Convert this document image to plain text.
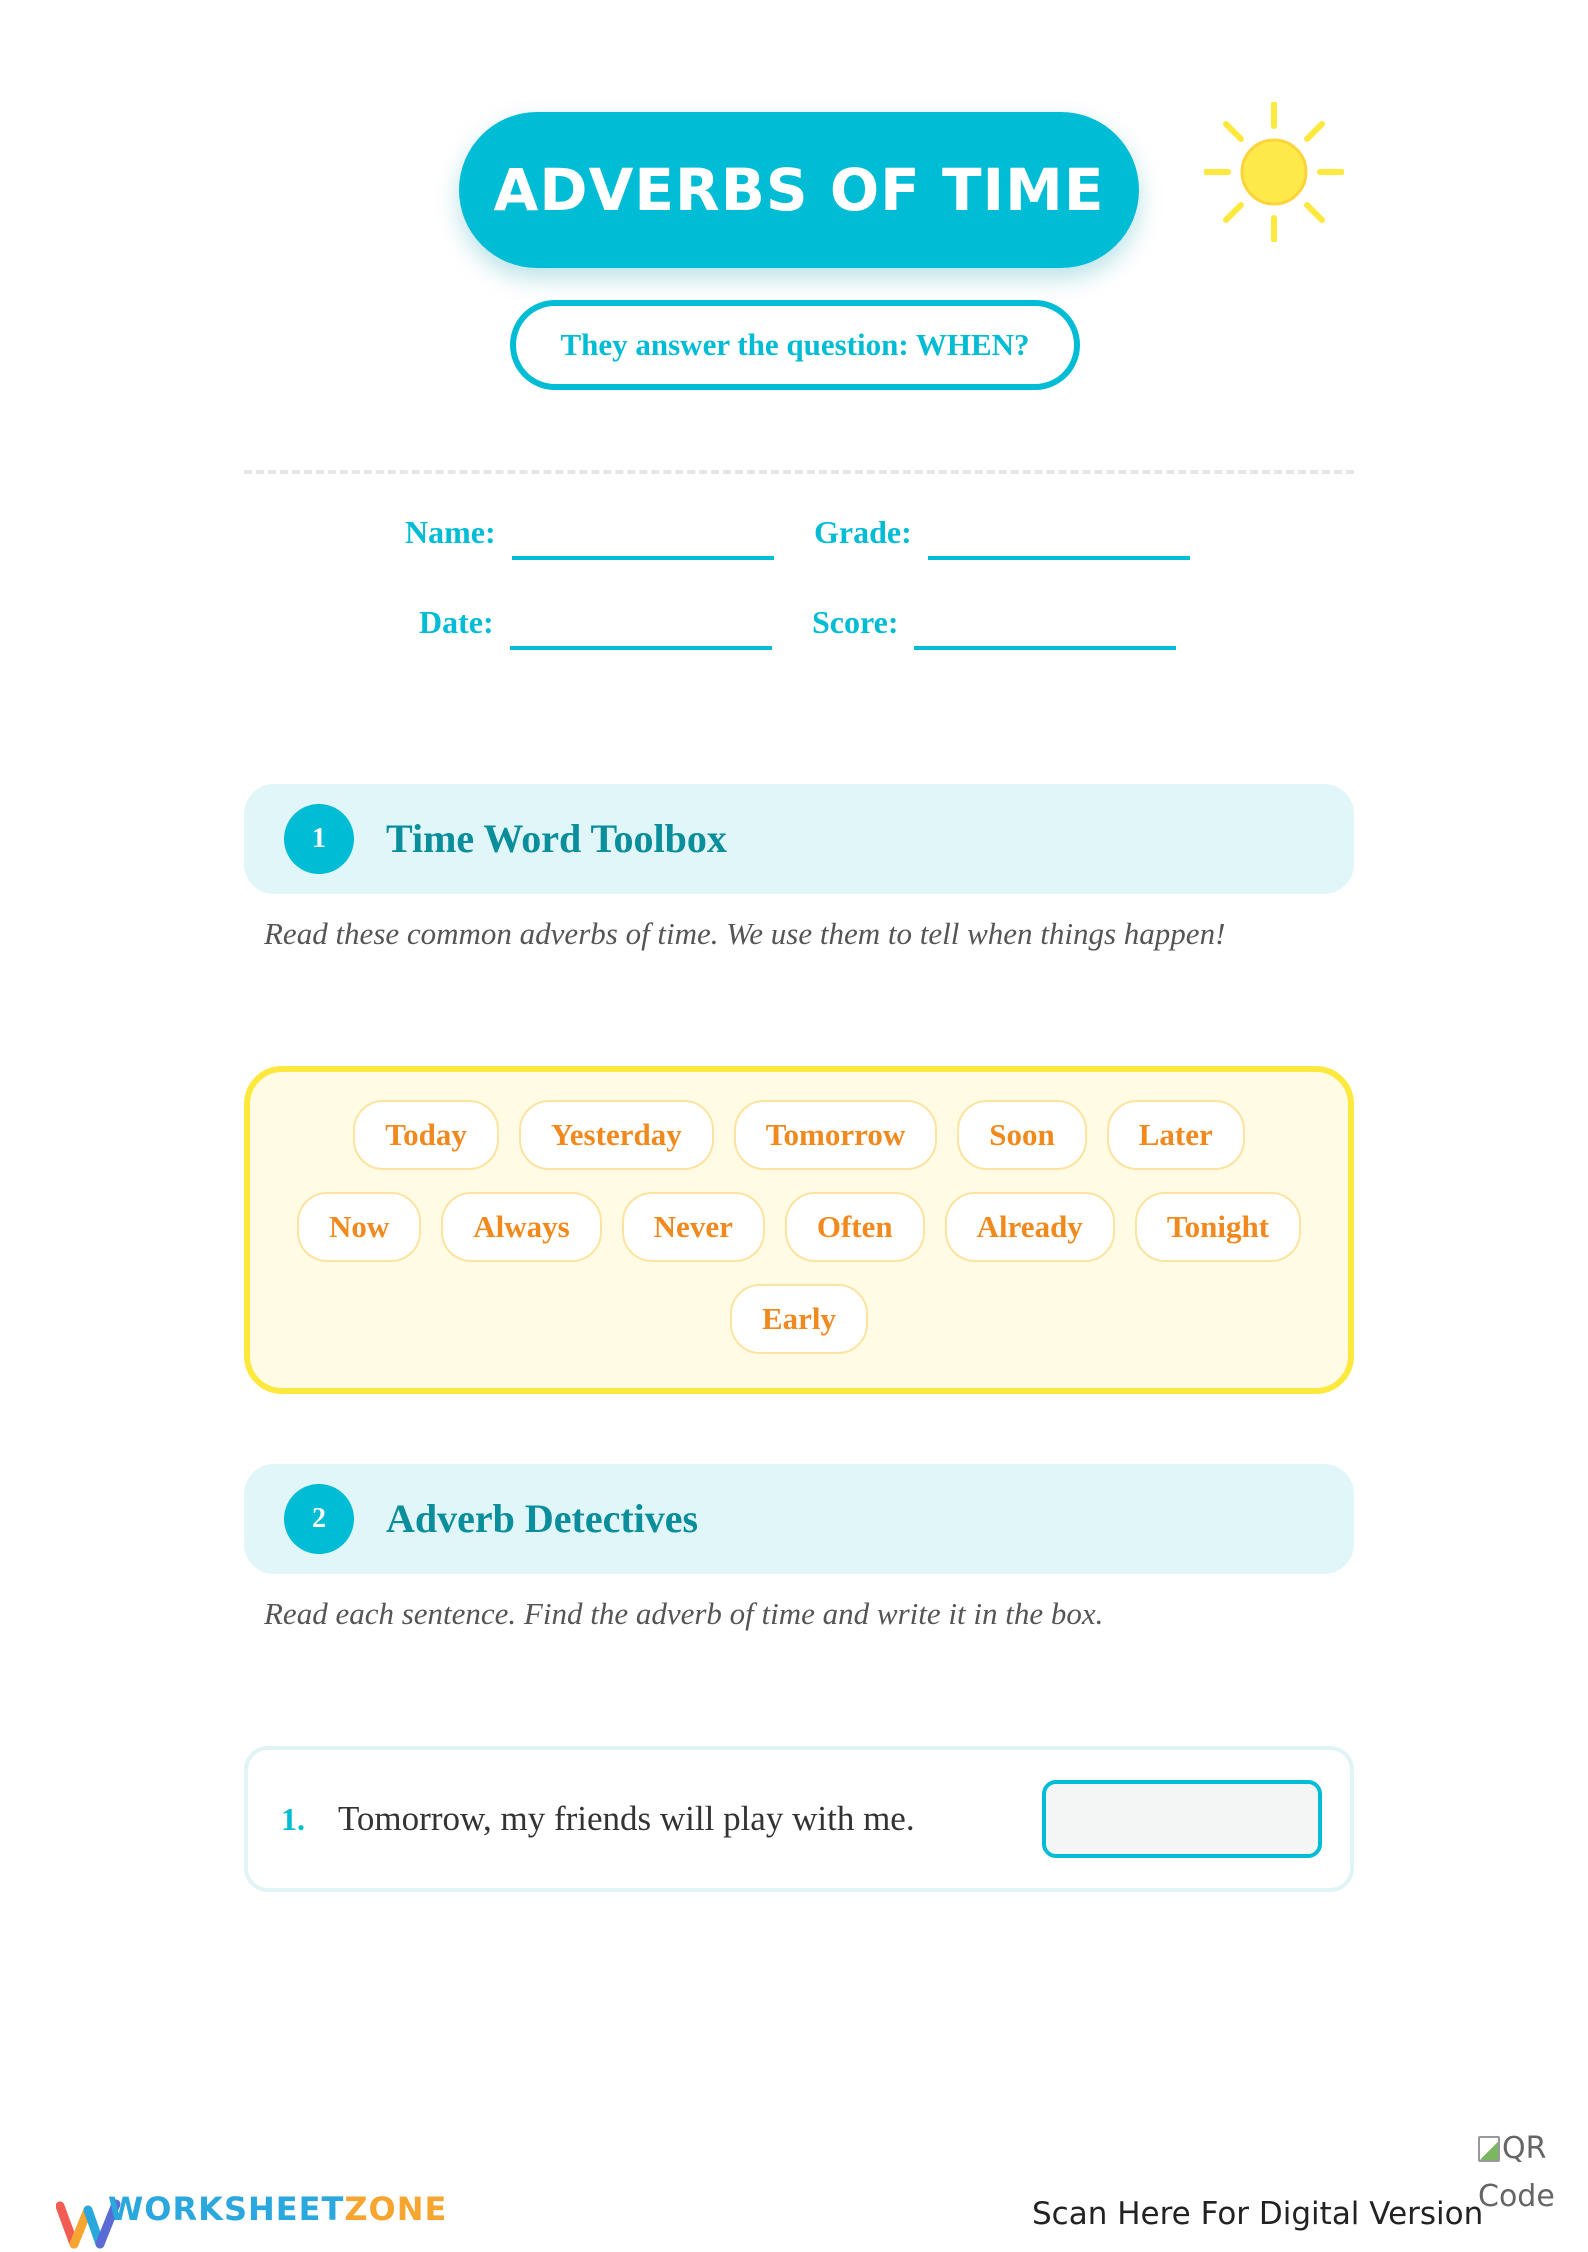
ADVERBS OF TIME
They answer the question: WHEN?
Name:	Grade:
Date:	Score:
1	Time Word Toolbox
Read these common adverbs of time. We use them to tell when things happen!
Today	Yesterday	Tomorrow	Soon	Later
Now	Always	Never	Often	Already	Tonight
Early
2	Adverb Detectives
Read each sentence. Find the adverb of time and write it in the box.
1. Tomorrow, my friends will play with me.
WORKSHEETZONE	Scan Here For Digital Version
QR Code
